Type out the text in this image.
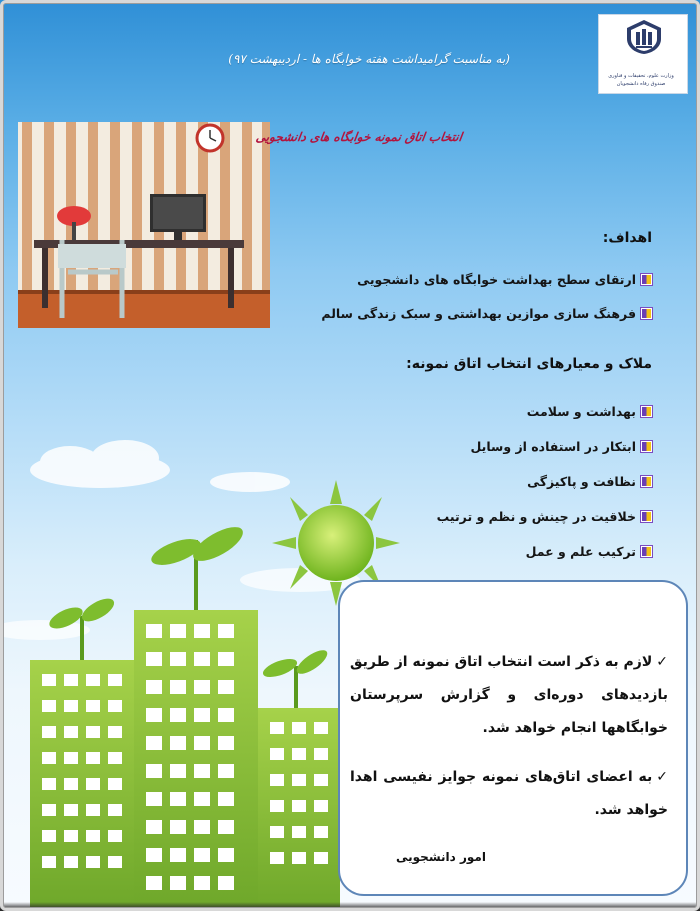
وزارت علوم، تحقیقات و فناوری
صندوق رفاه دانشجویان
(به مناسبت گرامیداشت هفته خوابگاه ها - اردیبهشت ۹۷)
انتخاب اتاق نمونه خوابگاه های دانشجویی
اهداف:
ارتقای سطح بهداشت خوابگاه های دانشجویی
فرهنگ سازی موازین بهداشتی و سبک زندگی سالم
ملاک و معیارهای انتخاب اتاق نمونه:
بهداشت و سلامت
ابتکار در استفاده از وسایل
نظافت و پاکیزگی
خلاقیت در چینش و نظم و ترتیب
ترکیب علم و عمل
✓لازم به ذکر است انتخاب اتاق نمونه از طریق بازدیدهای دوره‌ای و گزارش سرپرستان خوابگاهها انجام خواهد شد.
✓به اعضای اتاق‌های نمونه جوایز نفیسی اهدا خواهد شد.
امور دانشجویی
